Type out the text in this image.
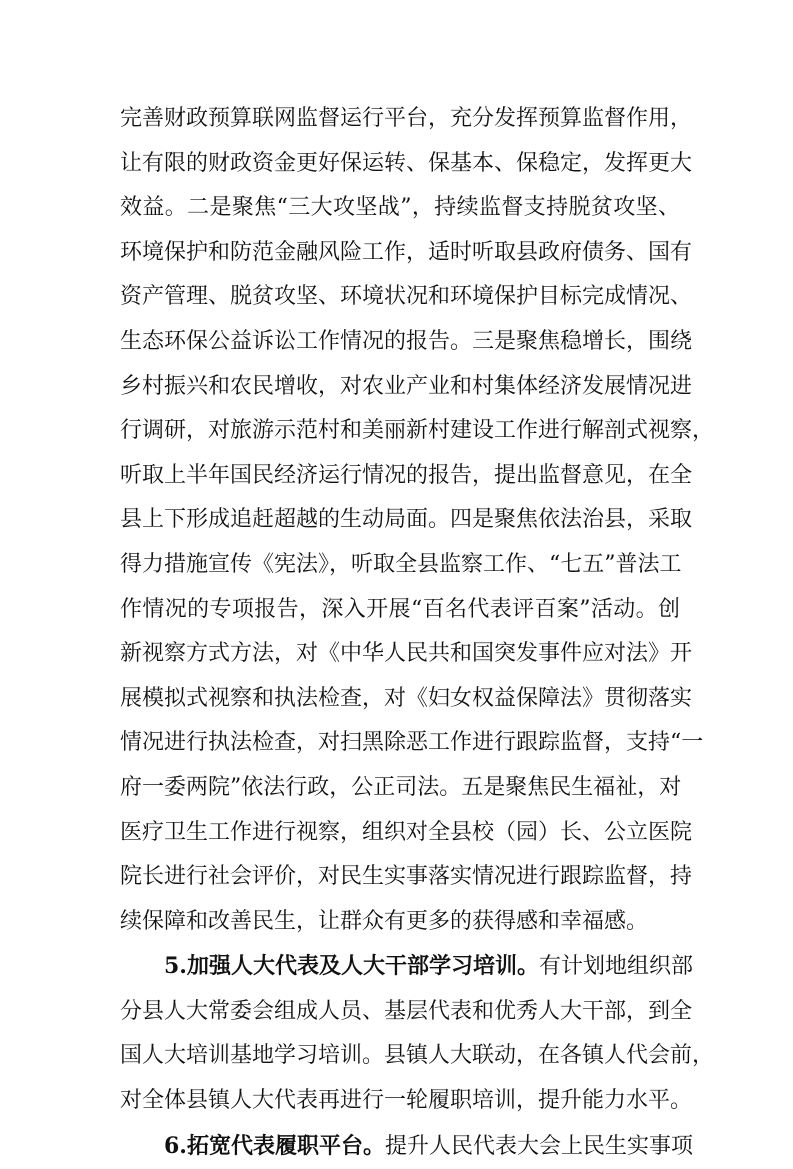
完善财政预算联网监督运行平台，充分发挥预算监督作用，
让有限的财政资金更好保运转、保基本、保稳定，发挥更大
效益。二是聚焦“三大攻坚战”，持续监督支持脱贫攻坚、
环境保护和防范金融风险工作，适时听取县政府债务、国有
资产管理、脱贫攻坚、环境状况和环境保护目标完成情况、
生态环保公益诉讼工作情况的报告。三是聚焦稳增长，围绕
乡村振兴和农民增收，对农业产业和村集体经济发展情况进
行调研，对旅游示范村和美丽新村建设工作进行解剖式视察，
听取上半年国民经济运行情况的报告，提出监督意见，在全
县上下形成追赶超越的生动局面。四是聚焦依法治县，采取
得力措施宣传《宪法》，听取全县监察工作、“七五”普法工
作情况的专项报告，深入开展“百名代表评百案”活动。创
新视察方式方法，对《中华人民共和国突发事件应对法》开
展模拟式视察和执法检查，对《妇女权益保障法》贯彻落实
情况进行执法检查，对扫黑除恶工作进行跟踪监督，支持“一
府一委两院”依法行政，公正司法。五是聚焦民生福祉，对
医疗卫生工作进行视察，组织对全县校（园）长、公立医院
院长进行社会评价，对民生实事落实情况进行跟踪监督，持
续保障和改善民生，让群众有更多的获得感和幸福感。
5.加强人大代表及人大干部学习培训。有计划地组织部
分县人大常委会组成人员、基层代表和优秀人大干部，到全
国人大培训基地学习培训。县镇人大联动，在各镇人代会前，
对全体县镇人大代表再进行一轮履职培训，提升能力水平。
6.拓宽代表履职平台。提升人民代表大会上民生实事项
